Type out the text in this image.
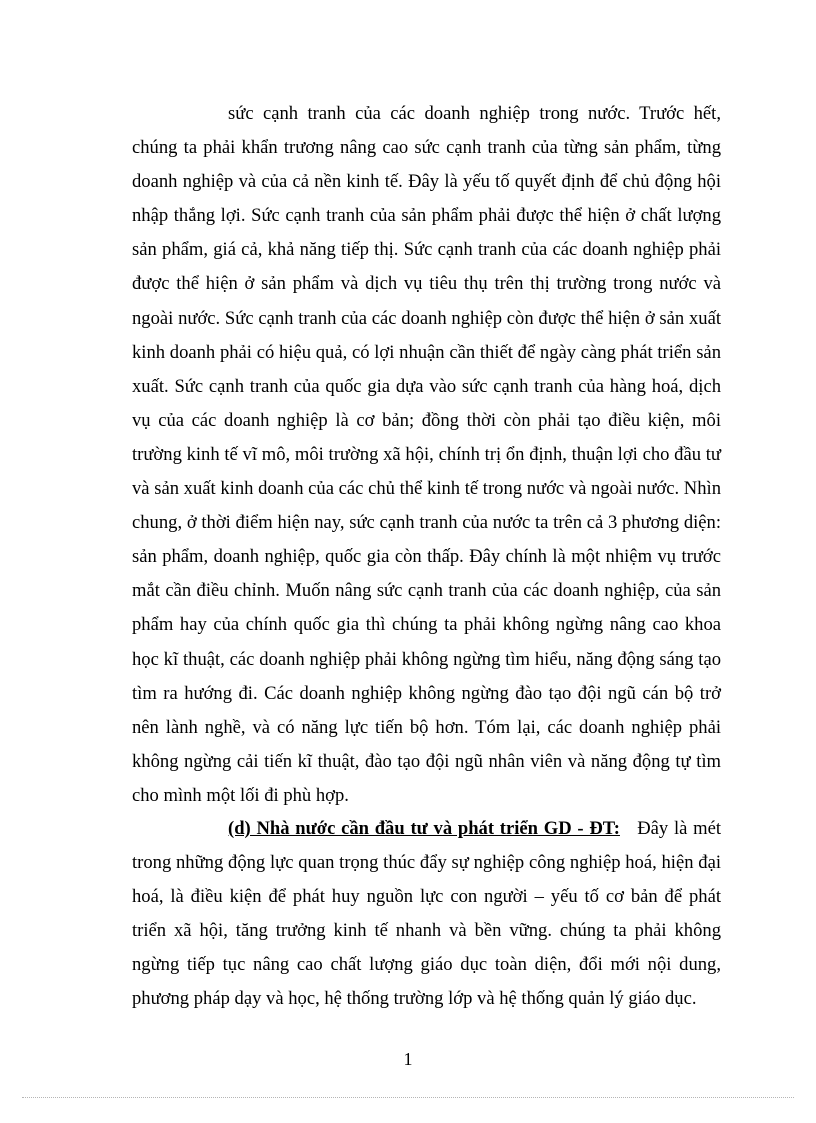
sức cạnh tranh của các doanh nghiệp trong nước. Trước hết, chúng ta phải khẩn trương nâng cao sức cạnh tranh của từng sản phẩm, từng doanh nghiệp và của cả nền kinh tế. Đây là yếu tố quyết định để chủ động hội nhập thắng lợi. Sức cạnh tranh của sản phẩm phải được thể hiện ở chất lượng sản phẩm, giá cả, khả năng tiếp thị. Sức cạnh tranh của các doanh nghiệp phải được thể hiện ở sản phẩm và dịch vụ tiêu thụ trên thị trường trong nước và ngoài nước. Sức cạnh tranh của các doanh nghiệp còn được thể hiện ở sản xuất kinh doanh phải có hiệu quả, có lợi nhuận cần thiết để ngày càng phát triển sản xuất. Sức cạnh tranh của quốc gia dựa vào sức cạnh tranh của hàng hoá, dịch vụ của các doanh nghiệp là cơ bản; đồng thời còn phải tạo điều kiện, môi trường kinh tế vĩ mô, môi trường xã hội, chính trị ổn định, thuận lợi cho đầu tư và sản xuất kinh doanh của các chủ thể kinh tế trong nước và ngoài nước. Nhìn chung, ở thời điểm hiện nay, sức cạnh tranh của nước ta trên cả 3 phương diện: sản phẩm, doanh nghiệp, quốc gia còn thấp. Đây chính là một nhiệm vụ trước mắt cần điều chỉnh. Muốn nâng sức cạnh tranh của các doanh nghiệp, của sản phẩm hay của chính quốc gia thì chúng ta phải không ngừng nâng cao khoa học kĩ thuật, các doanh nghiệp phải không ngừng tìm hiểu, năng động sáng tạo tìm ra hướng đi. Các doanh nghiệp không ngừng đào tạo đội ngũ cán bộ trở nên lành nghề, và có năng lực tiến bộ hơn. Tóm lại, các doanh nghiệp phải không ngừng cải tiến kĩ thuật, đào tạo đội ngũ nhân viên và năng động tự tìm cho mình một lối đi phù hợp.

(d) Nhà nước cần đầu tư và phát triển GD - ĐT: Đây là mét trong những động lực quan trọng thúc đẩy sự nghiệp công nghiệp hoá, hiện đại hoá, là điều kiện để phát huy nguồn lực con người – yếu tố cơ bản để phát triển xã hội, tăng trưởng kinh tế nhanh và bền vững. chúng ta phải không ngừng tiếp tục nâng cao chất lượng giáo dục toàn diện, đổi mới nội dung, phương pháp dạy và học, hệ thống trường lớp và hệ thống quản lý giáo dục.

1
